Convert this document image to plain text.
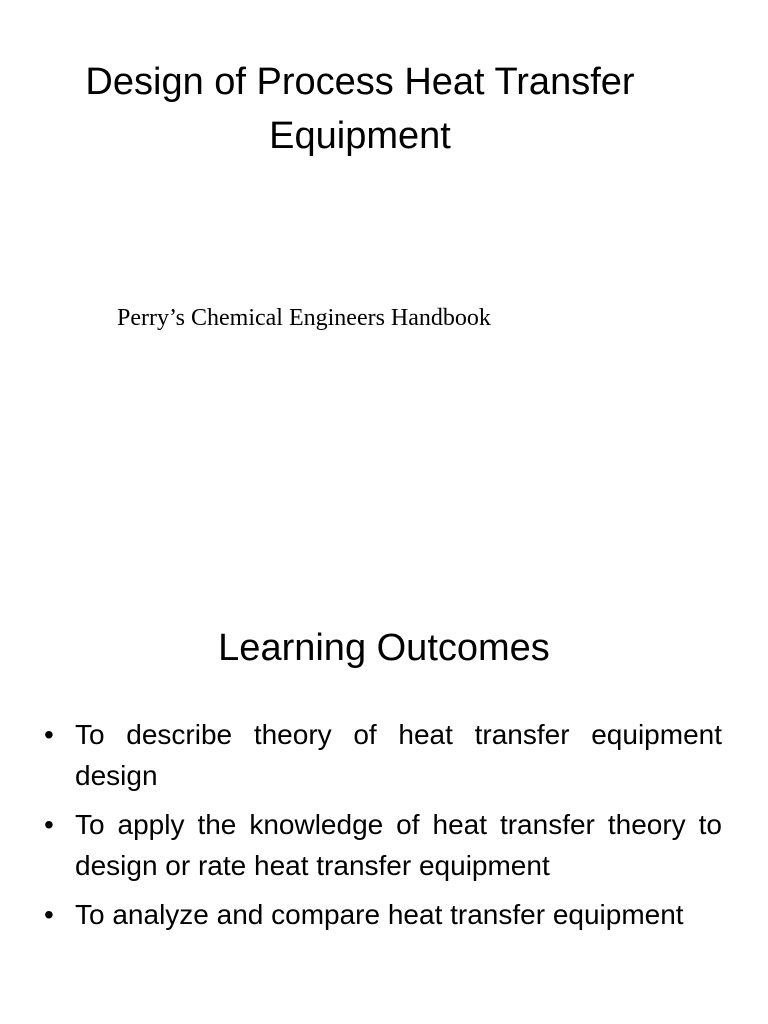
Design of Process Heat Transfer Equipment

Perry’s Chemical Engineers Handbook

Learning Outcomes
• To describe theory of heat transfer equipment design
• To apply the knowledge of heat transfer theory to design or rate heat transfer equipment
• To analyze and compare heat transfer equipment
